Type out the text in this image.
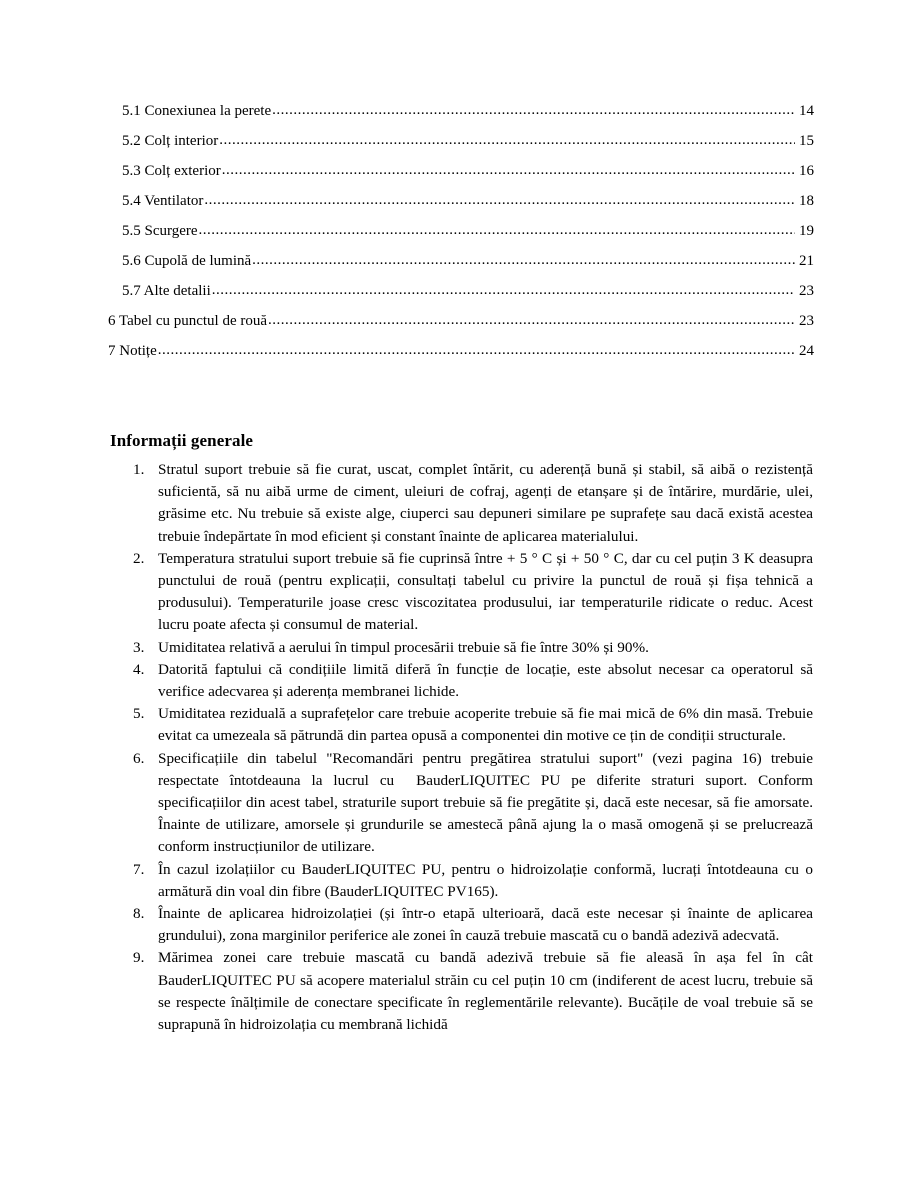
5.1 Conexiunea la perete .....	14
5.2 Colț interior .....	15
5.3 Colț exterior .....	16
5.4 Ventilator .....	18
5.5 Scurgere .....	19
5.6 Cupolă de lumină .....	21
5.7 Alte detalii .....	23
6 Tabel cu punctul de rouă .....	23
7 Notițe .....	24
Informații generale
1. Stratul suport trebuie să fie curat, uscat, complet întărit, cu aderență bună și stabil, să aibă o rezistență suficientă, să nu aibă urme de ciment, uleiuri de cofraj, agenți de etanșare și de întărire, murdărie, ulei, grăsime etc. Nu trebuie să existe alge, ciuperci sau depuneri similare pe suprafețe sau dacă există acestea trebuie îndepărtate în mod eficient și constant înainte de aplicarea materialului.
2. Temperatura stratului suport trebuie să fie cuprinsă între + 5 ° C și + 50 ° C, dar cu cel puțin 3 K deasupra punctului de rouă (pentru explicații, consultați tabelul cu privire la punctul de rouă și fișa tehnică a produsului). Temperaturile joase cresc viscozitatea produsului, iar temperaturile ridicate o reduc. Acest lucru poate afecta și consumul de material.
3. Umiditatea relativă a aerului în timpul procesării trebuie să fie între 30% și 90%.
4. Datorită faptului că condițiile limită diferă în funcție de locație, este absolut necesar ca operatorul să verifice adecvarea și aderența membranei lichide.
5. Umiditatea reziduală a suprafețelor care trebuie acoperite trebuie să fie mai mică de 6% din masă. Trebuie evitat ca umezeala să pătrundă din partea opusă a componentei din motive ce țin de condiții structurale.
6. Specificațiile din tabelul "Recomandări pentru pregătirea stratului suport" (vezi pagina 16) trebuie respectate întotdeauna la lucrul cu  BauderLIQUITEC PU pe diferite straturi suport. Conform specificațiilor din acest tabel, straturile suport trebuie să fie pregătite și, dacă este necesar, să fie amorsate. Înainte de utilizare, amorsele și grundurile se amestecă până ajung la o masă omogenă și se prelucrează conform instrucțiunilor de utilizare.
7. În cazul izolațiilor cu BauderLIQUITEC PU, pentru o hidroizolație conformă, lucrați întotdeauna cu o armătură din voal din fibre (BauderLIQUITEC PV165).
8. Înainte de aplicarea hidroizolației (și într-o etapă ulterioară, dacă este necesar și înainte de aplicarea grundului), zona marginilor periferice ale zonei în cauză trebuie mascată cu o bandă adezivă adecvată.
9. Mărimea zonei care trebuie mascată cu bandă adezivă trebuie să fie aleasă în așa fel în cât BauderLIQUITEC PU să acopere materialul străin cu cel puțin 10 cm (indiferent de acest lucru, trebuie să se respecte înălțimile de conectare specificate în reglementările relevante). Bucățile de voal trebuie să se suprapună în hidroizolația cu membrană lichidă
